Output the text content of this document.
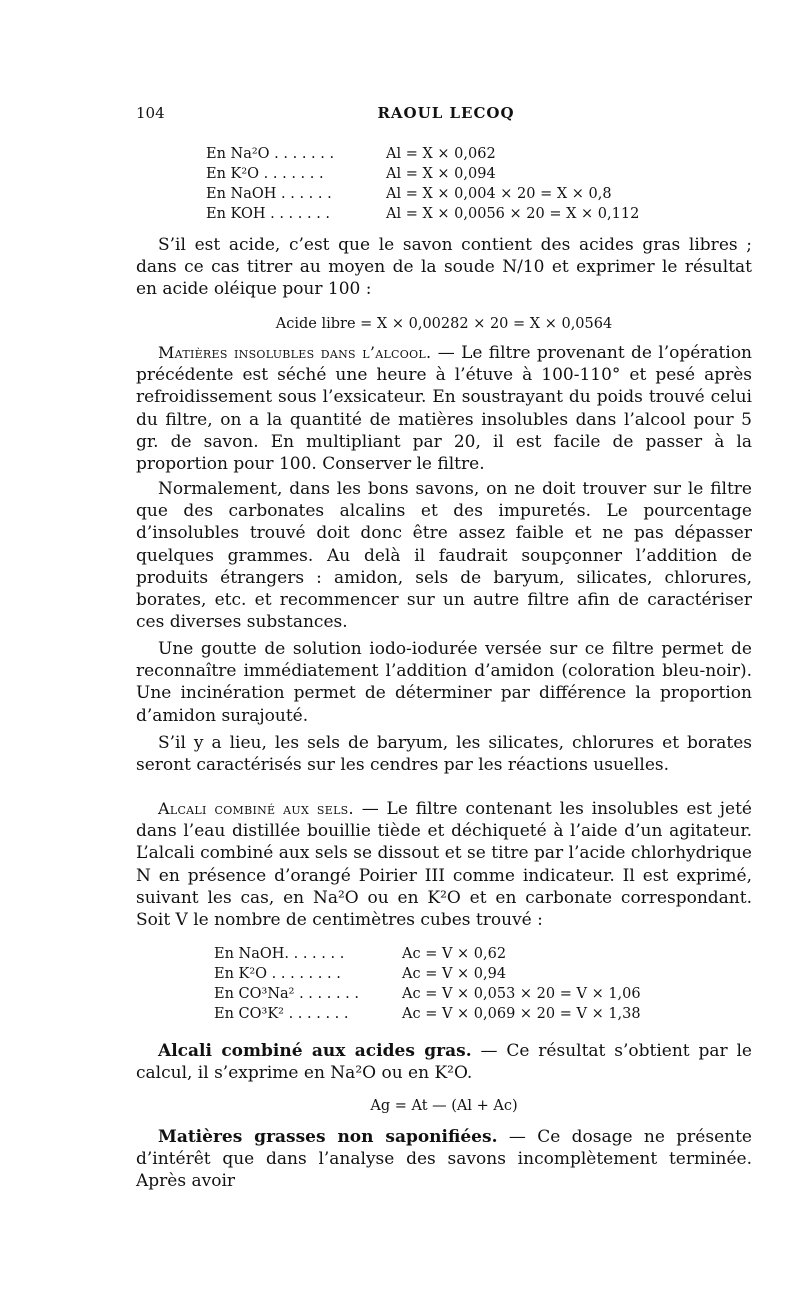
104	RAOUL LECOQ
En Na²O . . . . . . .	Al = X × 0,062
En K²O . . . . . . .	Al = X × 0,094
En NaOH . . . . . .	Al = X × 0,004 × 20 = X × 0,8
En KOH . . . . . . .	Al = X × 0,0056 × 20 = X × 0,112
S’il est acide, c’est que le savon contient des acides gras libres ; dans ce cas titrer au moyen de la soude N/10 et exprimer le résultat en acide oléique pour 100 :
Acide libre = X × 0,00282 × 20 = X × 0,0564
Matières insolubles dans l’alcool. — Le filtre provenant de l’opération précédente est séché une heure à l’étuve à 100-110° et pesé après refroidissement sous l’exsicateur. En soustrayant du poids trouvé celui du filtre, on a la quantité de matières insolubles dans l’alcool pour 5 gr. de savon. En multipliant par 20, il est facile de passer à la proportion pour 100. Conserver le filtre.
Normalement, dans les bons savons, on ne doit trouver sur le filtre que des carbonates alcalins et des impuretés. Le pourcentage d’insolubles trouvé doit donc être assez faible et ne pas dépasser quelques grammes. Au delà il faudrait soupçonner l’addition de produits étrangers : amidon, sels de baryum, silicates, chlorures, borates, etc. et recommencer sur un autre filtre afin de caractériser ces diverses substances.
Une goutte de solution iodo-iodurée versée sur ce filtre permet de reconnaître immédiatement l’addition d’amidon (coloration bleu-noir). Une incinération permet de déterminer par différence la proportion d’amidon surajouté.
S’il y a lieu, les sels de baryum, les silicates, chlorures et borates seront caractérisés sur les cendres par les réactions usuelles.
Alcali combiné aux sels. — Le filtre contenant les insolubles est jeté dans l’eau distillée bouillie tiède et déchiqueté à l’aide d’un agitateur. L’alcali combiné aux sels se dissout et se titre par l’acide chlorhydrique N en présence d’orangé Poirier III comme indicateur. Il est exprimé, suivant les cas, en Na²O ou en K²O et en carbonate correspondant. Soit V le nombre de centimètres cubes trouvé :
En NaOH. . . . . . .	Ac = V × 0,62
En K²O . . . . . . . .	Ac = V × 0,94
En CO³Na² . . . . . . .	Ac = V × 0,053 × 20 = V × 1,06
En CO³K² . . . . . . .	Ac = V × 0,069 × 20 = V × 1,38
Alcali combiné aux acides gras. — Ce résultat s’obtient par le calcul, il s’exprime en Na²O ou en K²O.
Ag = At — (Al + Ac)
Matières grasses non saponifiées. — Ce dosage ne présente d’intérêt que dans l’analyse des savons incomplètement terminée. Après avoir
